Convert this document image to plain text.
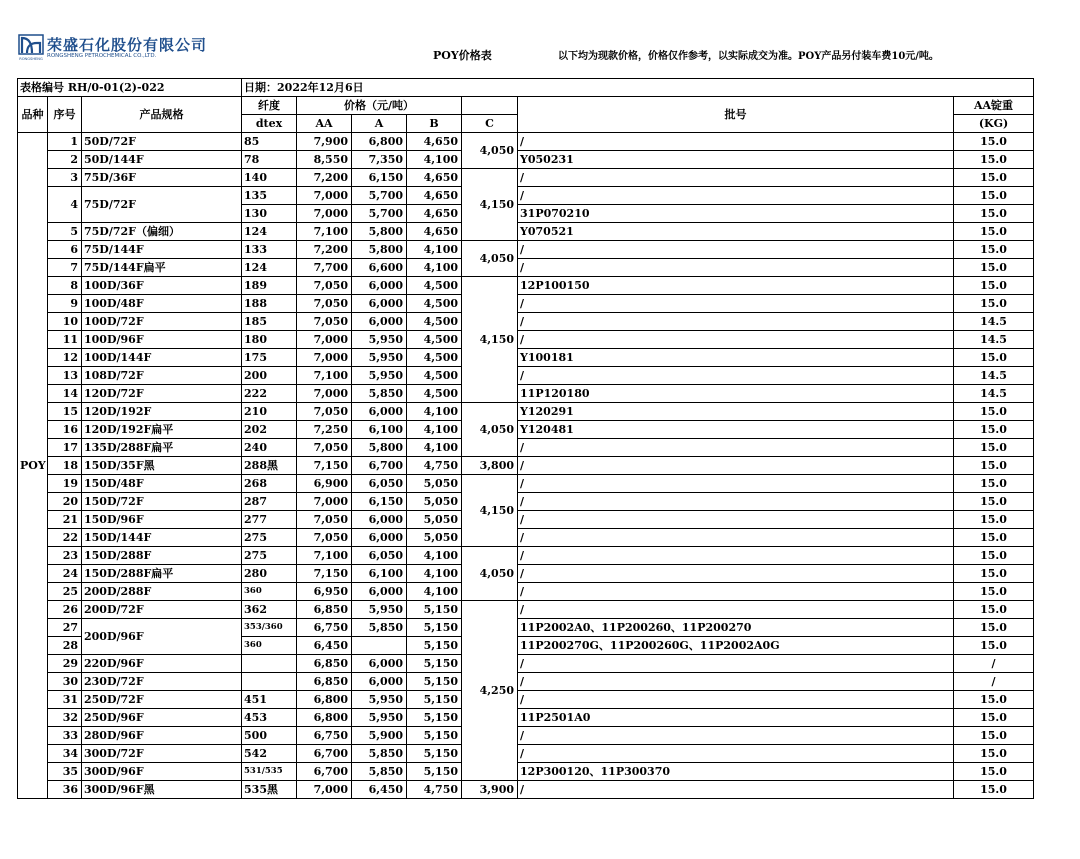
RONGSHENG
荣盛石化股份有限公司
RONGSHENG PETROCHEMICAL CO.,LTD.	POY价格表	以下均为现款价格，价格仅作参考，以实际成交为准。POY产品另付装车费10元/吨。
表格编号 RH/0-01(2)-022			日期：2022年12月6日						
品种	序号	产品规格	纤度	价格（元/吨）				批号	AA锭重
			dtex	AA	A	B	C		(KG)
POY	1	50D/72F	85	7,900	6,800	4,650	4,050	/	15.0
	2	50D/144F	78	8,550	7,350	4,100		Y050231	15.0
	3	75D/36F	140	7,200	6,150	4,650	4,150	/	15.0
	4	75D/72F	135	7,000	5,700	4,650		/	15.0
			130	7,000	5,700	4,650		31P070210	15.0
	5	75D/72F（偏细）	124	7,100	5,800	4,650		Y070521	15.0
	6	75D/144F	133	7,200	5,800	4,100	4,050	/	15.0
	7	75D/144F扁平	124	7,700	6,600	4,100		/	15.0
	8	100D/36F	189	7,050	6,000	4,500	4,150	12P100150	15.0
	9	100D/48F	188	7,050	6,000	4,500		/	15.0
	10	100D/72F	185	7,050	6,000	4,500		/	14.5
	11	100D/96F	180	7,000	5,950	4,500		/	14.5
	12	100D/144F	175	7,000	5,950	4,500		Y100181	15.0
	13	108D/72F	200	7,100	5,950	4,500		/	14.5
	14	120D/72F	222	7,000	5,850	4,500		11P120180	14.5
	15	120D/192F	210	7,050	6,000	4,100	4,050	Y120291	15.0
	16	120D/192F扁平	202	7,250	6,100	4,100		Y120481	15.0
	17	135D/288F扁平	240	7,050	5,800	4,100		/	15.0
	18	150D/35F黑	288黑	7,150	6,700	4,750	3,800	/	15.0
	19	150D/48F	268	6,900	6,050	5,050	4,150	/	15.0
	20	150D/72F	287	7,000	6,150	5,050		/	15.0
	21	150D/96F	277	7,050	6,000	5,050		/	15.0
	22	150D/144F	275	7,050	6,000	5,050		/	15.0
	23	150D/288F	275	7,100	6,050	4,100	4,050	/	15.0
	24	150D/288F扁平	280	7,150	6,100	4,100		/	15.0
	25	200D/288F	360	6,950	6,000	4,100		/	15.0
	26	200D/72F	362	6,850	5,950	5,150	4,250	/	15.0
	27	200D/96F	353/360	6,750	5,850	5,150		11P2002A0、11P200260、11P200270	15.0
	28		360	6,450		5,150		11P200270G、11P200260G、11P2002A0G	15.0
	29	220D/96F		6,850	6,000	5,150		/	/
	30	230D/72F		6,850	6,000	5,150		/	/
	31	250D/72F	451	6,800	5,950	5,150		/	15.0
	32	250D/96F	453	6,800	5,950	5,150		11P2501A0	15.0
	33	280D/96F	500	6,750	5,900	5,150		/	15.0
	34	300D/72F	542	6,700	5,850	5,150		/	15.0
	35	300D/96F	531/535	6,700	5,850	5,150		12P300120、11P300370	15.0
	36	300D/96F黑	535黑	7,000	6,450	4,750	3,900	/	15.0
